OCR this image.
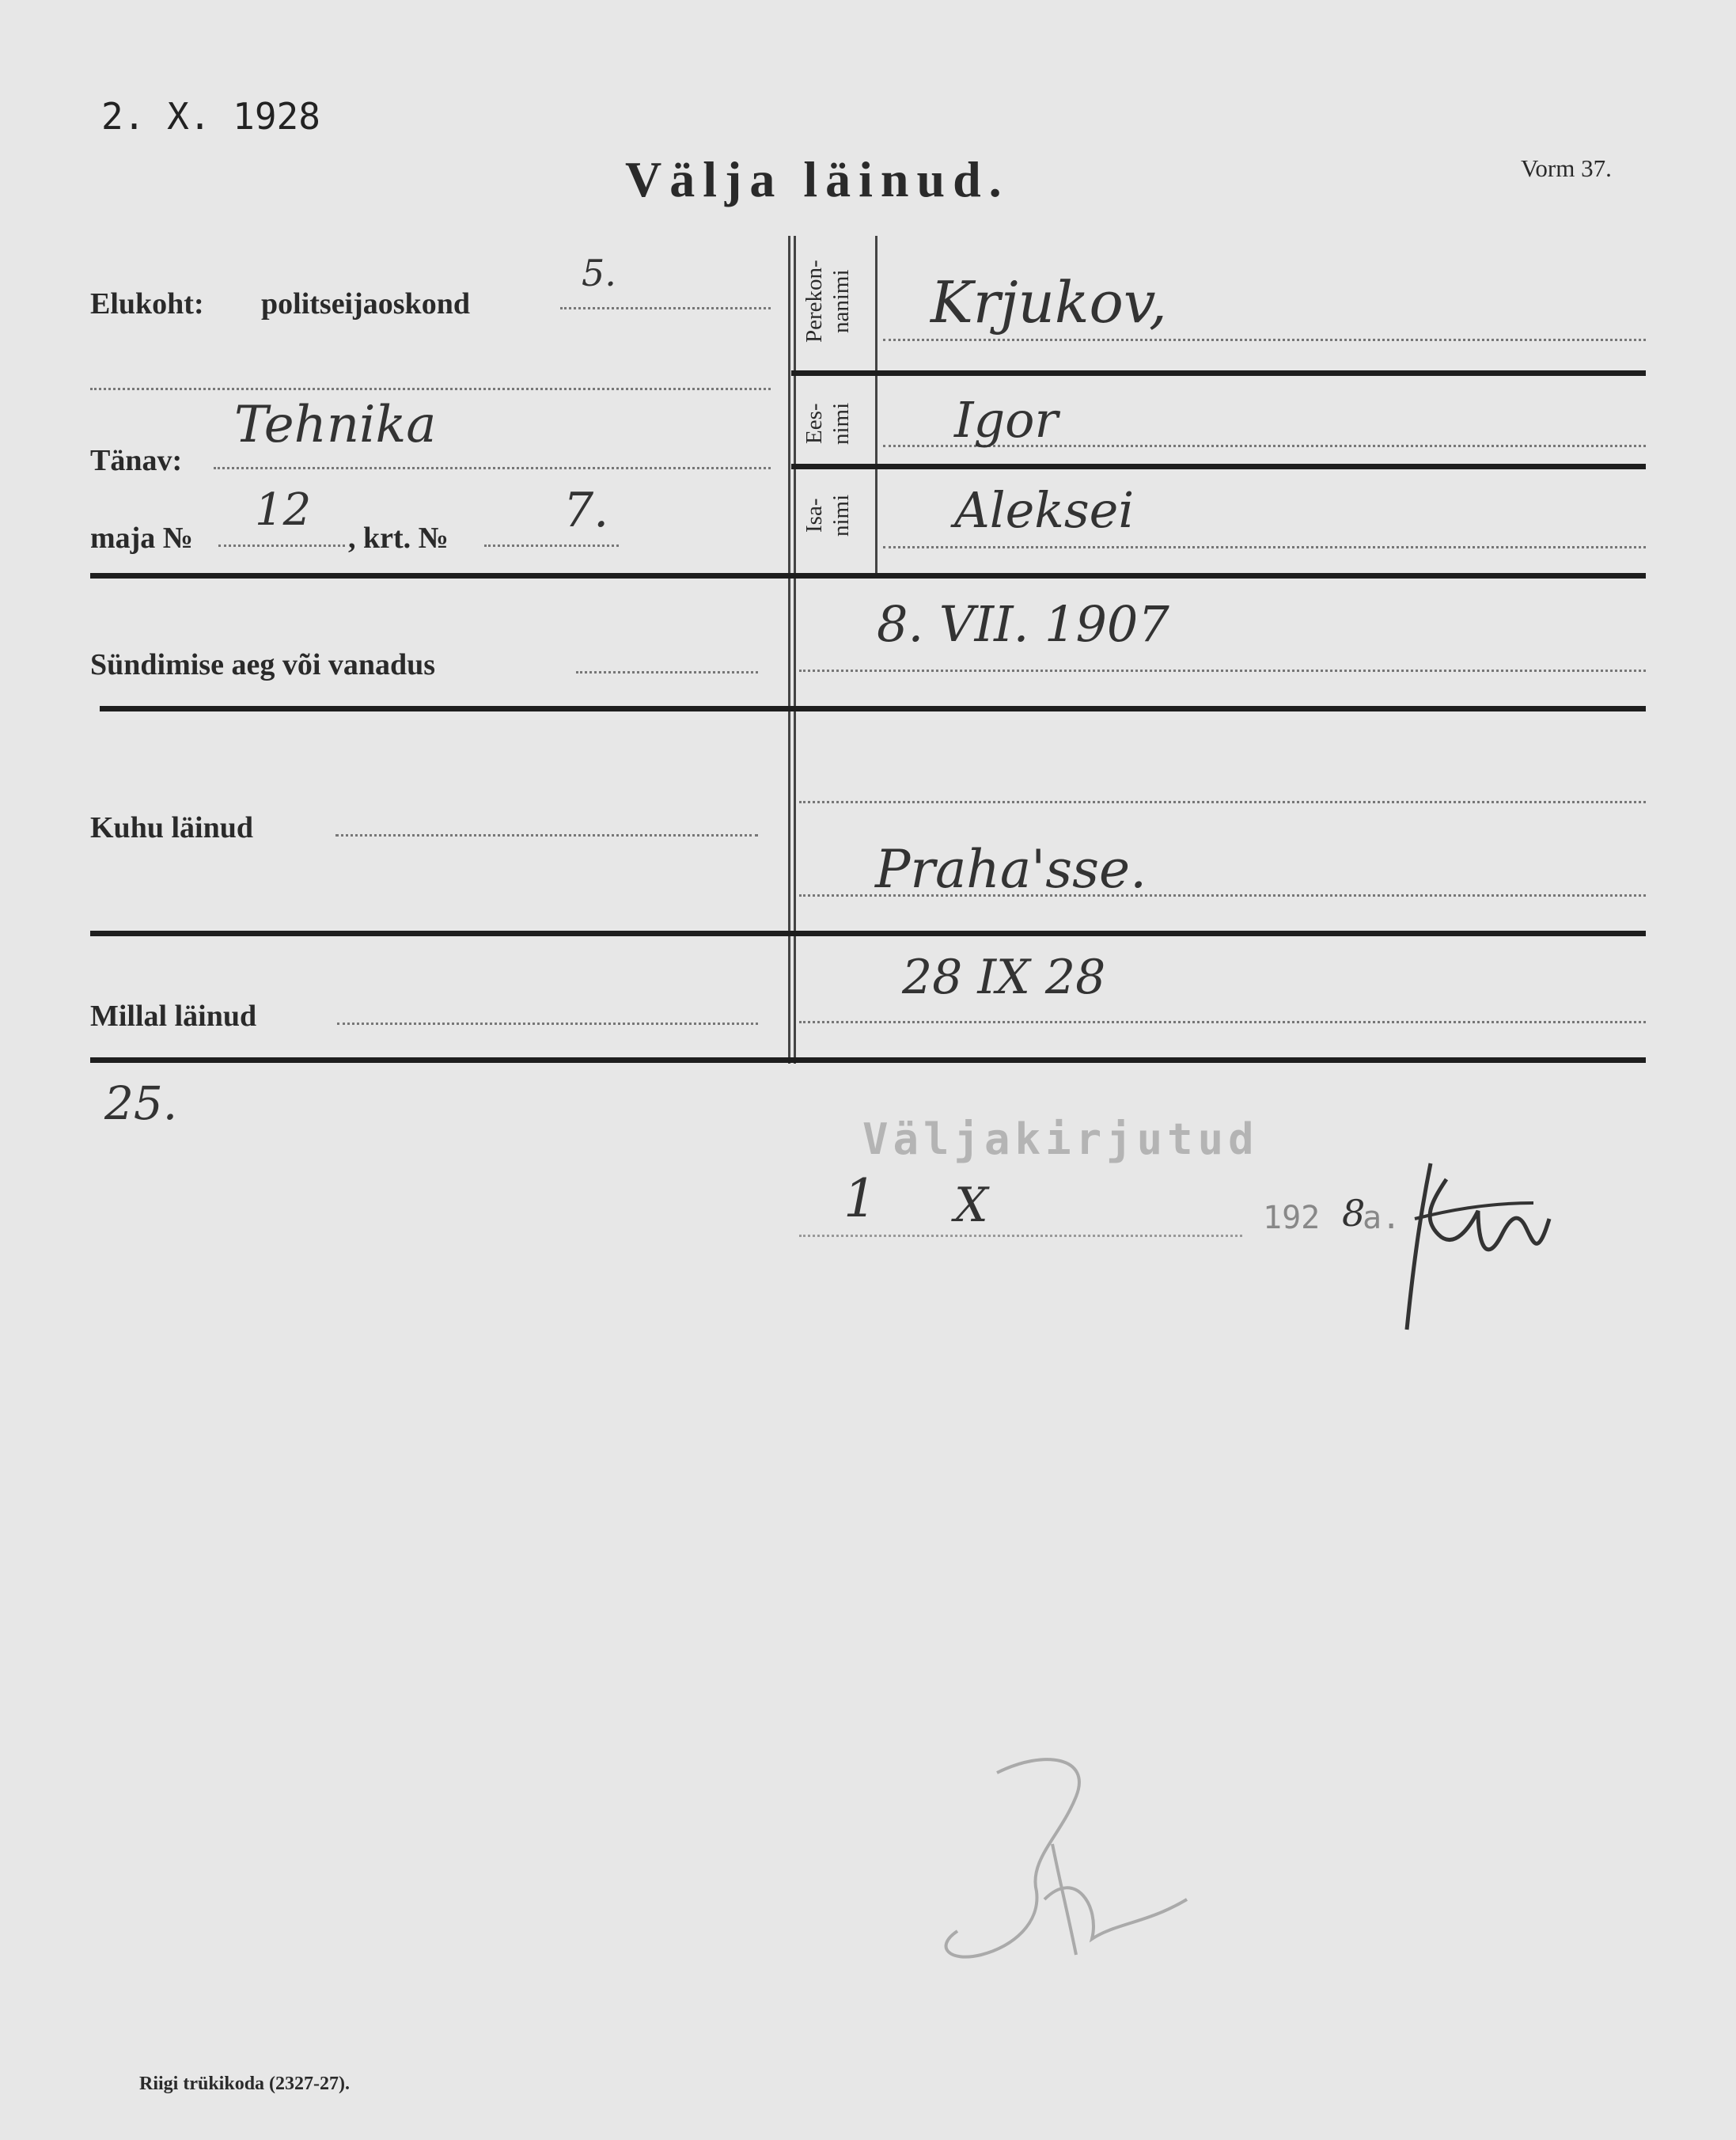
2. X. 1928
Välja läinud.	Vorm 37.
Elukoht: politseijaoskond
5.
Tänav:
Tehnika
maja №
12
, krt. № 7.
Sündimise aeg või vanadus
8. VII. 1907
Kuhu läinud
Praha'sse.
28 IX 28
Millal läinud
Perekon-
nanimi Krjukov,
Ees-
nimi Igor
Isa-
nimi Aleksei
25.
Väljakirjutud
1 X	192 8
a.
Riigi trükikoda (2327-27).
